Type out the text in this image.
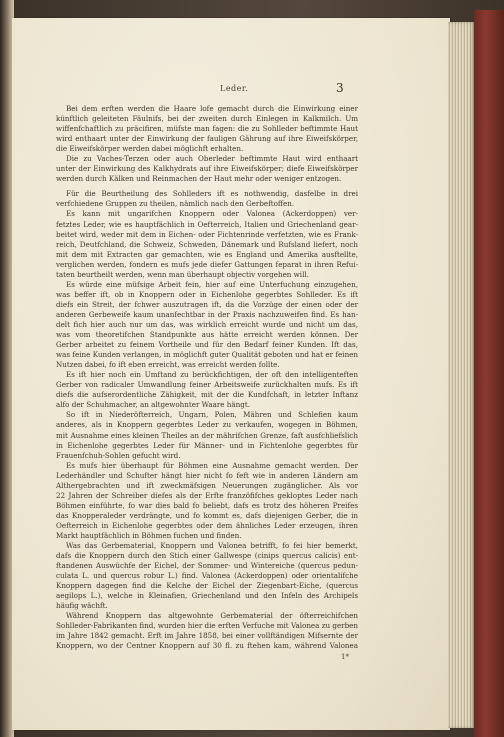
Leder.	3
Bei dem erften werden die Haare lofe gemacht durch die Einwirkung einer
künftlich geleiteten Fäulnifs, bei der zweiten durch Einlegen in Kalkmilch. Um
wiffenfchaftlich zu präcifiren, müfste man fagen: die zu Sohlleder beftimmte Haut
wird enthaart unter der Einwirkung der fauligen Gährung auf ihre Eiweifskörper,
die Eiweifskörper werden dabei möglichft erhalten.
Die zu Vaches-Terzen oder auch Oberleder beftimmte Haut wird enthaart
unter der Einwirkung des Kalkhydrats auf ihre Eiweifskörper; diefe Eiweifskörper
werden durch Kälken und Reinmachen der Haut mehr oder weniger entzogen.
Für die Beurtheilung des Sohlleders ift es nothwendig, dasfelbe in drei
verfchiedene Gruppen zu theilen, nämlich nach den Gerbeftoffen.
Es kann mit ungarifchen Knoppern oder Valonea (Ackerdoppen) ver-
fetztes Leder, wie es hauptfächlich in Oefterreich, Italien und Griechenland gear-
beitet wird, weder mit dem in Eichen- oder Fichtenrinde verfetzten, wie es Frank-
reich, Deutfchland, die Schweiz, Schweden, Dänemark und Rufsland liefert, noch
mit dem mit Extracten gar gemachten, wie es England und Amerika ausftellte,
verglichen werden, fondern es mufs jede diefer Gattungen feparat in ihren Refui-
taten beurtheilt werden, wenn man überhaupt objectiv vorgehen will.
Es würde eine müfsige Arbeit fein, hier auf eine Unterfuchung einzugehen,
was beffer ift, ob in Knoppern oder in Eichenlohe gegerbtes Sohlleder. Es ift
diefs ein Streit, der fchwer auszutragen ift, da die Vorzüge der einen oder der
anderen Gerbeweife kaum unanfechtbar in der Praxis nachzuweifen find. Es han-
delt fich hier auch nur um das, was wirklich erreicht wurde und nicht um das,
was vom theoretifchen Standpunkte aus hätte erreicht werden können. Der
Gerber arbeitet zu feinem Vortheile und für den Bedarf feiner Kunden. Ift das,
was feine Kunden verlangen, in möglichft guter Qualität geboten und hat er feinen
Nutzen dabei, fo ift eben erreicht, was erreicht werden follte.
Es ift hier noch ein Umftand zu berückfichtigen, der oft den intelligenteften
Gerber von radicaler Umwandlung feiner Arbeitsweife zurückhalten mufs. Es ift
diefs die aufserordentliche Zähigkeit, mit der die Kundfchaft, in letzter Inftanz
alfo der Schuhmacher, an altgewohnter Waare hängt.
So ift in Niederöfterreich, Ungarn, Polen, Mähren und Schlefien kaum
anderes, als in Knoppern gegerbtes Leder zu verkaufen, wogegen in Böhmen,
mit Ausnahme eines kleinen Theiles an der mährifchen Grenze, faft ausfchliefslich
in Eichenlohe gegerbtes Leder für Männer- und in Fichtenlohe gegerbtes für
Frauenfchuh-Sohlen gefucht wird.
Es mufs hier überhaupt für Böhmen eine Ausnahme gemacht werden. Der
Lederhändler und Schufter hängt hier nicht fo feft wie in anderen Ländern am
Althergebrachten und ift zweckmäfsigen Neuerungen zugänglicher. Als vor
22 Jahren der Schreiber diefes als der Erfte franzöfifches gekloptes Leder nach
Böhmen einführte, fo war dies bald fo beliebt, dafs es trotz des höheren Preifes
das Knopperaleder verdrängte, und fo kommt es, dafs diejenigen Gerber, die in
Oefterreich in Eichenlohe gegerbtes oder dem ähnliches Leder erzeugen, ihren
Markt hauptfächlich in Böhmen fuchen und finden.
Was das Gerbematerial, Knoppern und Valonea betrifft, fo fei hier bemerkt,
dafs die Knoppern durch den Stich einer Gallwespe (cinips quercus calicis) ent-
ftandenen Auswüchfe der Eichel, der Sommer- und Wintereiche (quercus pedun-
culata L. und quercus robur L.) find. Valonea (Ackerdoppen) oder orientalifche
Knoppern dagegen find die Kelche der Eichel der Ziegenbart-Eiche, (quercus
aegilops L.), welche in Kleinafien, Griechenland und den Infeln des Archipels
häufig wächft.
Während Knoppern das altgewohnte Gerbematerial der öfterreichifchen
Sohlleder-Fabrikanten find, wurden hier die erften Verfuche mit Valonea zu gerben
im Jahre 1842 gemacht. Erft im Jahre 1858, bei einer vollftändigen Mifsernte der
Knoppern, wo der Centner Knoppern auf 30 fl. zu ftehen kam, während Valonea
1*
